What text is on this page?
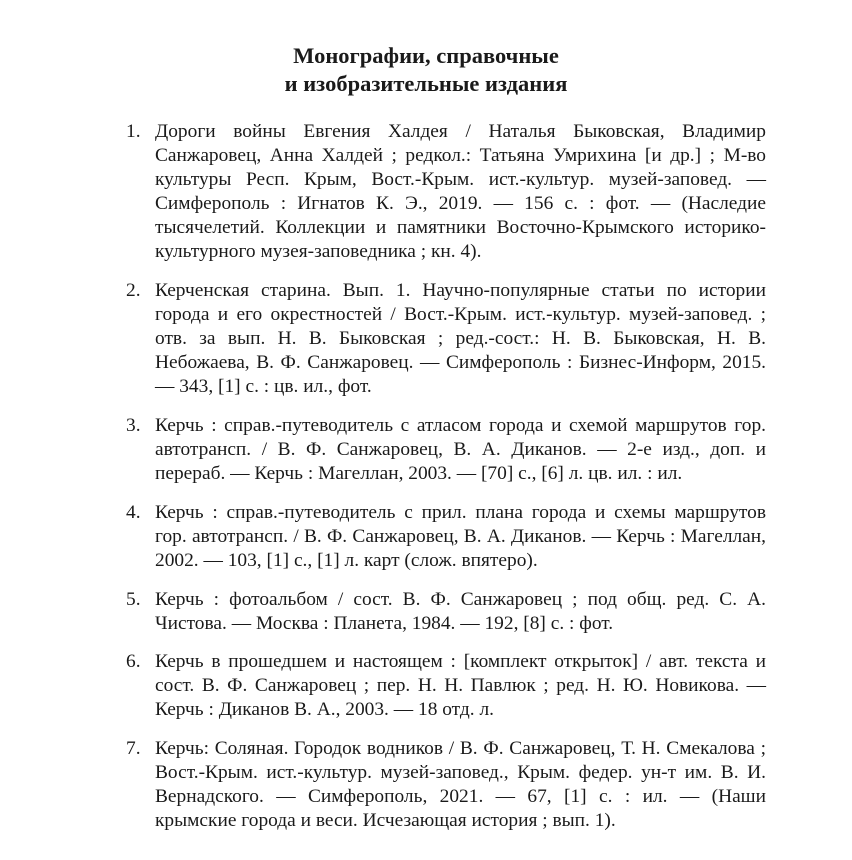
Монографии, справочные
и изобразительные издания
1. Дороги войны Евгения Халдея / Наталья Быковская, Владимир Санжаровец, Анна Халдей ; редкол.: Татьяна Умрихина [и др.] ; М-во культуры Респ. Крым, Вост.-Крым. ист.-культур. музей-заповед. — Симферополь : Игнатов К. Э., 2019. — 156 с. : фот. — (Наследие тысячелетий. Коллекции и памятники Восточно-Крымского историко-культурного музея-заповедника ; кн. 4).
2. Керченская старина. Вып. 1. Научно-популярные статьи по истории города и его окрестностей / Вост.-Крым. ист.-культур. музей-заповед. ; отв. за вып. Н. В. Быковская ; ред.-сост.: Н. В. Быковская, Н. В. Небожаева, В. Ф. Санжаровец. — Симферополь : Бизнес-Информ, 2015. — 343, [1] с. : цв. ил., фот.
3. Керчь : справ.-путеводитель с атласом города и схемой маршрутов гор. автотрансп. / В. Ф. Санжаровец, В. А. Диканов. — 2-е изд., доп. и перераб. — Керчь : Магеллан, 2003. — [70] с., [6] л. цв. ил. : ил.
4. Керчь : справ.-путеводитель с прил. плана города и схемы маршрутов гор. автотрансп. / В. Ф. Санжаровец, В. А. Диканов. — Керчь : Магеллан, 2002. — 103, [1] с., [1] л. карт (слож. впятеро).
5. Керчь : фотоальбом / сост. В. Ф. Санжаровец ; под общ. ред. С. А. Чистова. — Москва : Планета, 1984. — 192, [8] с. : фот.
6. Керчь в прошедшем и настоящем : [комплект открыток] / авт. текста и сост. В. Ф. Санжаровец ; пер. Н. Н. Павлюк ; ред. Н. Ю. Новикова. — Керчь : Диканов В. А., 2003. — 18 отд. л.
7. Керчь: Соляная. Городок водников / В. Ф. Санжаровец, Т. Н. Смекалова ; Вост.-Крым. ист.-культур. музей-заповед., Крым. федер. ун-т им. В. И. Вернадского. — Симферополь, 2021. — 67, [1] с. : ил. — (Наши крымские города и веси. Исчезающая история ; вып. 1).
